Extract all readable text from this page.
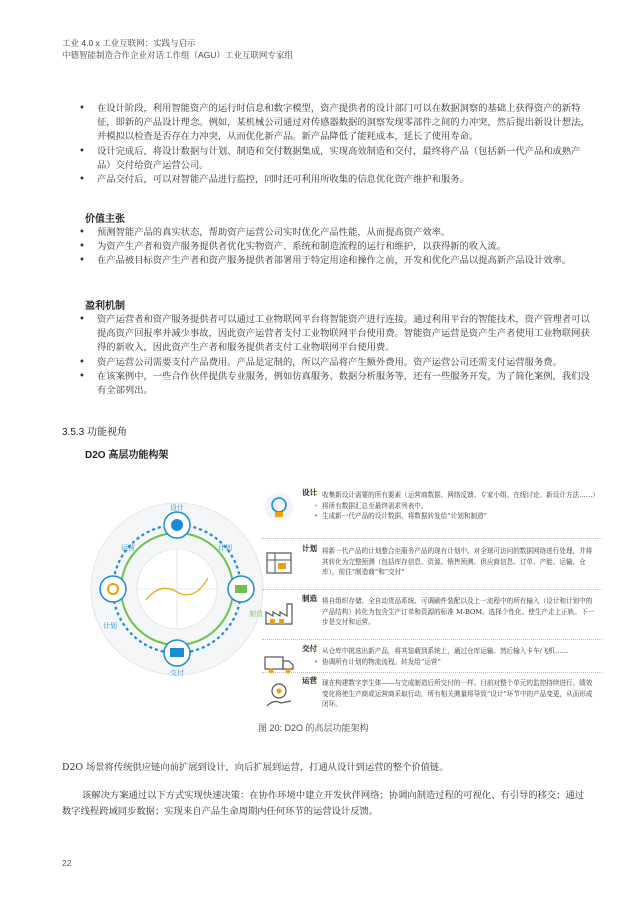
工业 4.0 x 工业互联网：实践与启示
中德智能制造合作企业对话工作组（AGU）工业互联网专家组
• 在设计阶段，利用智能资产的运行时信息和数字模型，资产提供者的设计部门可以在数据洞察的基础上获得资产的新特征，即新的产品设计理念。例如，某机械公司通过对传感器数据的洞察发现零部件之间的力冲突，然后提出新设计想法，并模拟以检查是否存在力冲突，从而优化新产品。新产品降低了能耗成本，延长了使用寿命。
• 设计完成后，将设计数据与计划、制造和交付数据集成，实现高效制造和交付，最终将产品（包括新一代产品和成熟产品）交付给资产运营公司。
• 产品交付后，可以对智能产品进行监控，同时还可利用所收集的信息优化资产维护和服务。
价值主张
• 预测智能产品的真实状态，帮助资产运营公司实时优化产品性能，从而提高资产效率。
• 为资产生产者和资产服务提供者优化实物资产、系统和制造流程的运行和维护，以获得新的收入流。
• 在产品被目标资产生产者和资产服务提供者部署用于特定用途和操作之前，开发和优化产品以提高新产品设计效率。
盈利机制
• 资产运营者和资产服务提供者可以通过工业物联网平台将智能资产进行连接。通过利用平台的智能技术，资产管理者可以提高资产回报率并减少事故，因此资产运营者支付工业物联网平台使用费。智能资产运营是资产生产者使用工业物联网获得的新收入，因此资产生产者和服务提供者支付工业物联网平台使用费。
• 资产运营公司需要支付产品费用。产品是定制的，所以产品将产生额外费用。资产运营公司还需支付运营服务费。
• 在该案例中，一些合作伙伴提供专业服务，例如仿真服务、数据分析服务等，还有一些服务开发，为了简化案例，我们没有全部列出。
3.5.3 功能视角
D2O 高层功能构架
设计
计划
制造
交付
计划
运营
设计 • 收集新设计需要的所有要素（运营商数据、网络反馈、专家小组、在线讨论、新设计方法……）
• 将所有数据汇总至最终需求列表中。
• 生成新一代产品的设计数据，将数据转发给“计划和制造”
计划 • 将新一代产品的计划整合至服务产品的现有计划中。对全球可访问的数据网络进行处理，并将其转化为完整预测（包括库存信息、资源、销售预测、供应商信息、订单、产能、运输、仓库），前往“制造商”和“交付”
制造 • 将自组织存储、全自动货品系统、可调刷件装配以及上一流程中的所有输入（设计和计划中的产品结构）转化为包含生产订单和资源的标准 M-BOM。选择个性化、使生产走上正轨。下一步是交付和运营。
交付 • 从仓库中挑选出新产品，将其装载到系统上，通过仓库运输。然后输入卡车/飞机……
• 协调所有计划的物流流程。转发给“运营”
运营 • 现在构建数字孪生体——与完成制造后所交付的一样。目前对整个单元的监控持续进行。绩效变化将使生产商或运营商采取行动，所有相关测量将导致“设计”环节中的产品变更，从而形成闭环。
图 20: D2O 的高层功能架构
D2O 场景将传统供应链向前扩展到设计，向后扩展到运营，打通从设计到运营的整个价值链。
该解决方案通过以下方式实现快速决策：在协作环境中建立开发伙伴网络；协调向制造过程的可视化、有引导的移交；通过数字线程跨域同步数据；实现来自产品生命周期内任何环节的运营设计反馈。
22
